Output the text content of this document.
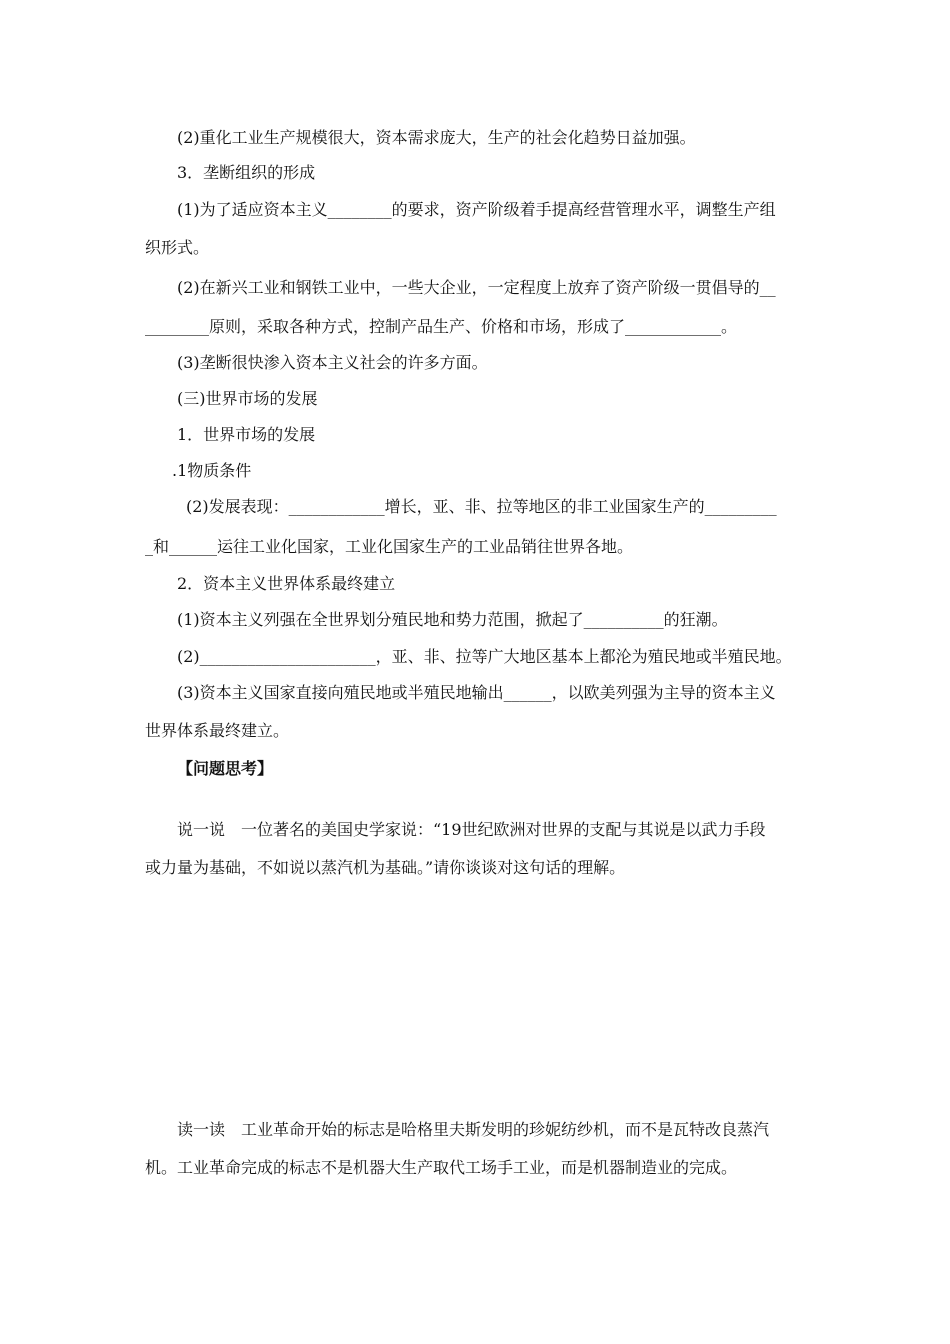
(2)重化工业生产规模很大，资本需求庞大，生产的社会化趋势日益加强。
3．垄断组织的形成
(1)为了适应资本主义________的要求，资产阶级着手提高经营管理水平，调整生产组
织形式。
(2)在新兴工业和钢铁工业中，一些大企业，一定程度上放弃了资产阶级一贯倡导的__
________原则，采取各种方式，控制产品生产、价格和市场，形成了____________。
(3)垄断很快渗入资本主义社会的许多方面。
(三)世界市场的发展
1．世界市场的发展
.1物质条件
(2)发展表现：____________增长，亚、非、拉等地区的非工业国家生产的_________
_和______运往工业化国家，工业化国家生产的工业品销往世界各地。
2．资本主义世界体系最终建立
(1)资本主义列强在全世界划分殖民地和势力范围，掀起了__________的狂潮。
(2)______________________，亚、非、拉等广大地区基本上都沦为殖民地或半殖民地。
(3)资本主义国家直接向殖民地或半殖民地输出______，以欧美列强为主导的资本主义
世界体系最终建立。
【问题思考】
说一说　一位著名的美国史学家说：“19世纪欧洲对世界的支配与其说是以武力手段
或力量为基础，不如说以蒸汽机为基础。”请你谈谈对这句话的理解。
读一读　工业革命开始的标志是哈格里夫斯发明的珍妮纺纱机，而不是瓦特改良蒸汽
机。工业革命完成的标志不是机器大生产取代工场手工业，而是机器制造业的完成。
